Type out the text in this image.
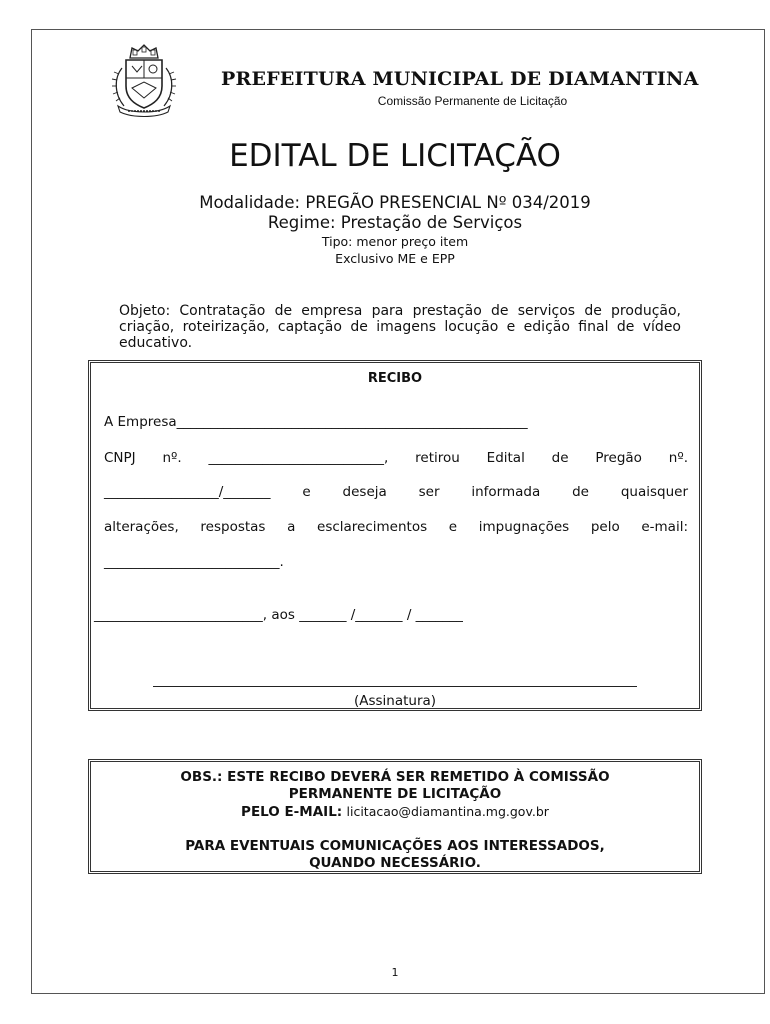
PREFEITURA MUNICIPAL DE DIAMANTINA
Comissão Permanente de Licitação
EDITAL DE LICITAÇÃO
Modalidade: PREGÃO PRESENCIAL Nº 034/2019
Regime: Prestação de Serviços
Tipo: menor preço item
Exclusivo ME e EPP
Objeto: Contratação de empresa para prestação de serviços de produção, criação, roteirização, captação de imagens locução e edição final de vídeo educativo.
RECIBO
A Empresa____________________________________________________
CNPJ nº. __________________________, retirou Edital de Pregão nº.
_________________/_______ e deseja ser informada de quaisquer
alterações, respostas a esclarecimentos e impugnações pelo e-mail:
__________________________.
_________________________, aos _______ /_______ / _______
(Assinatura)
OBS.: ESTE RECIBO DEVERÁ SER REMETIDO À COMISSÃO
PERMANENTE DE LICITAÇÃO
PELO E-MAIL: licitacao@diamantina.mg.gov.br
PARA EVENTUAIS COMUNICAÇÕES AOS INTERESSADOS,
QUANDO NECESSÁRIO.
1
